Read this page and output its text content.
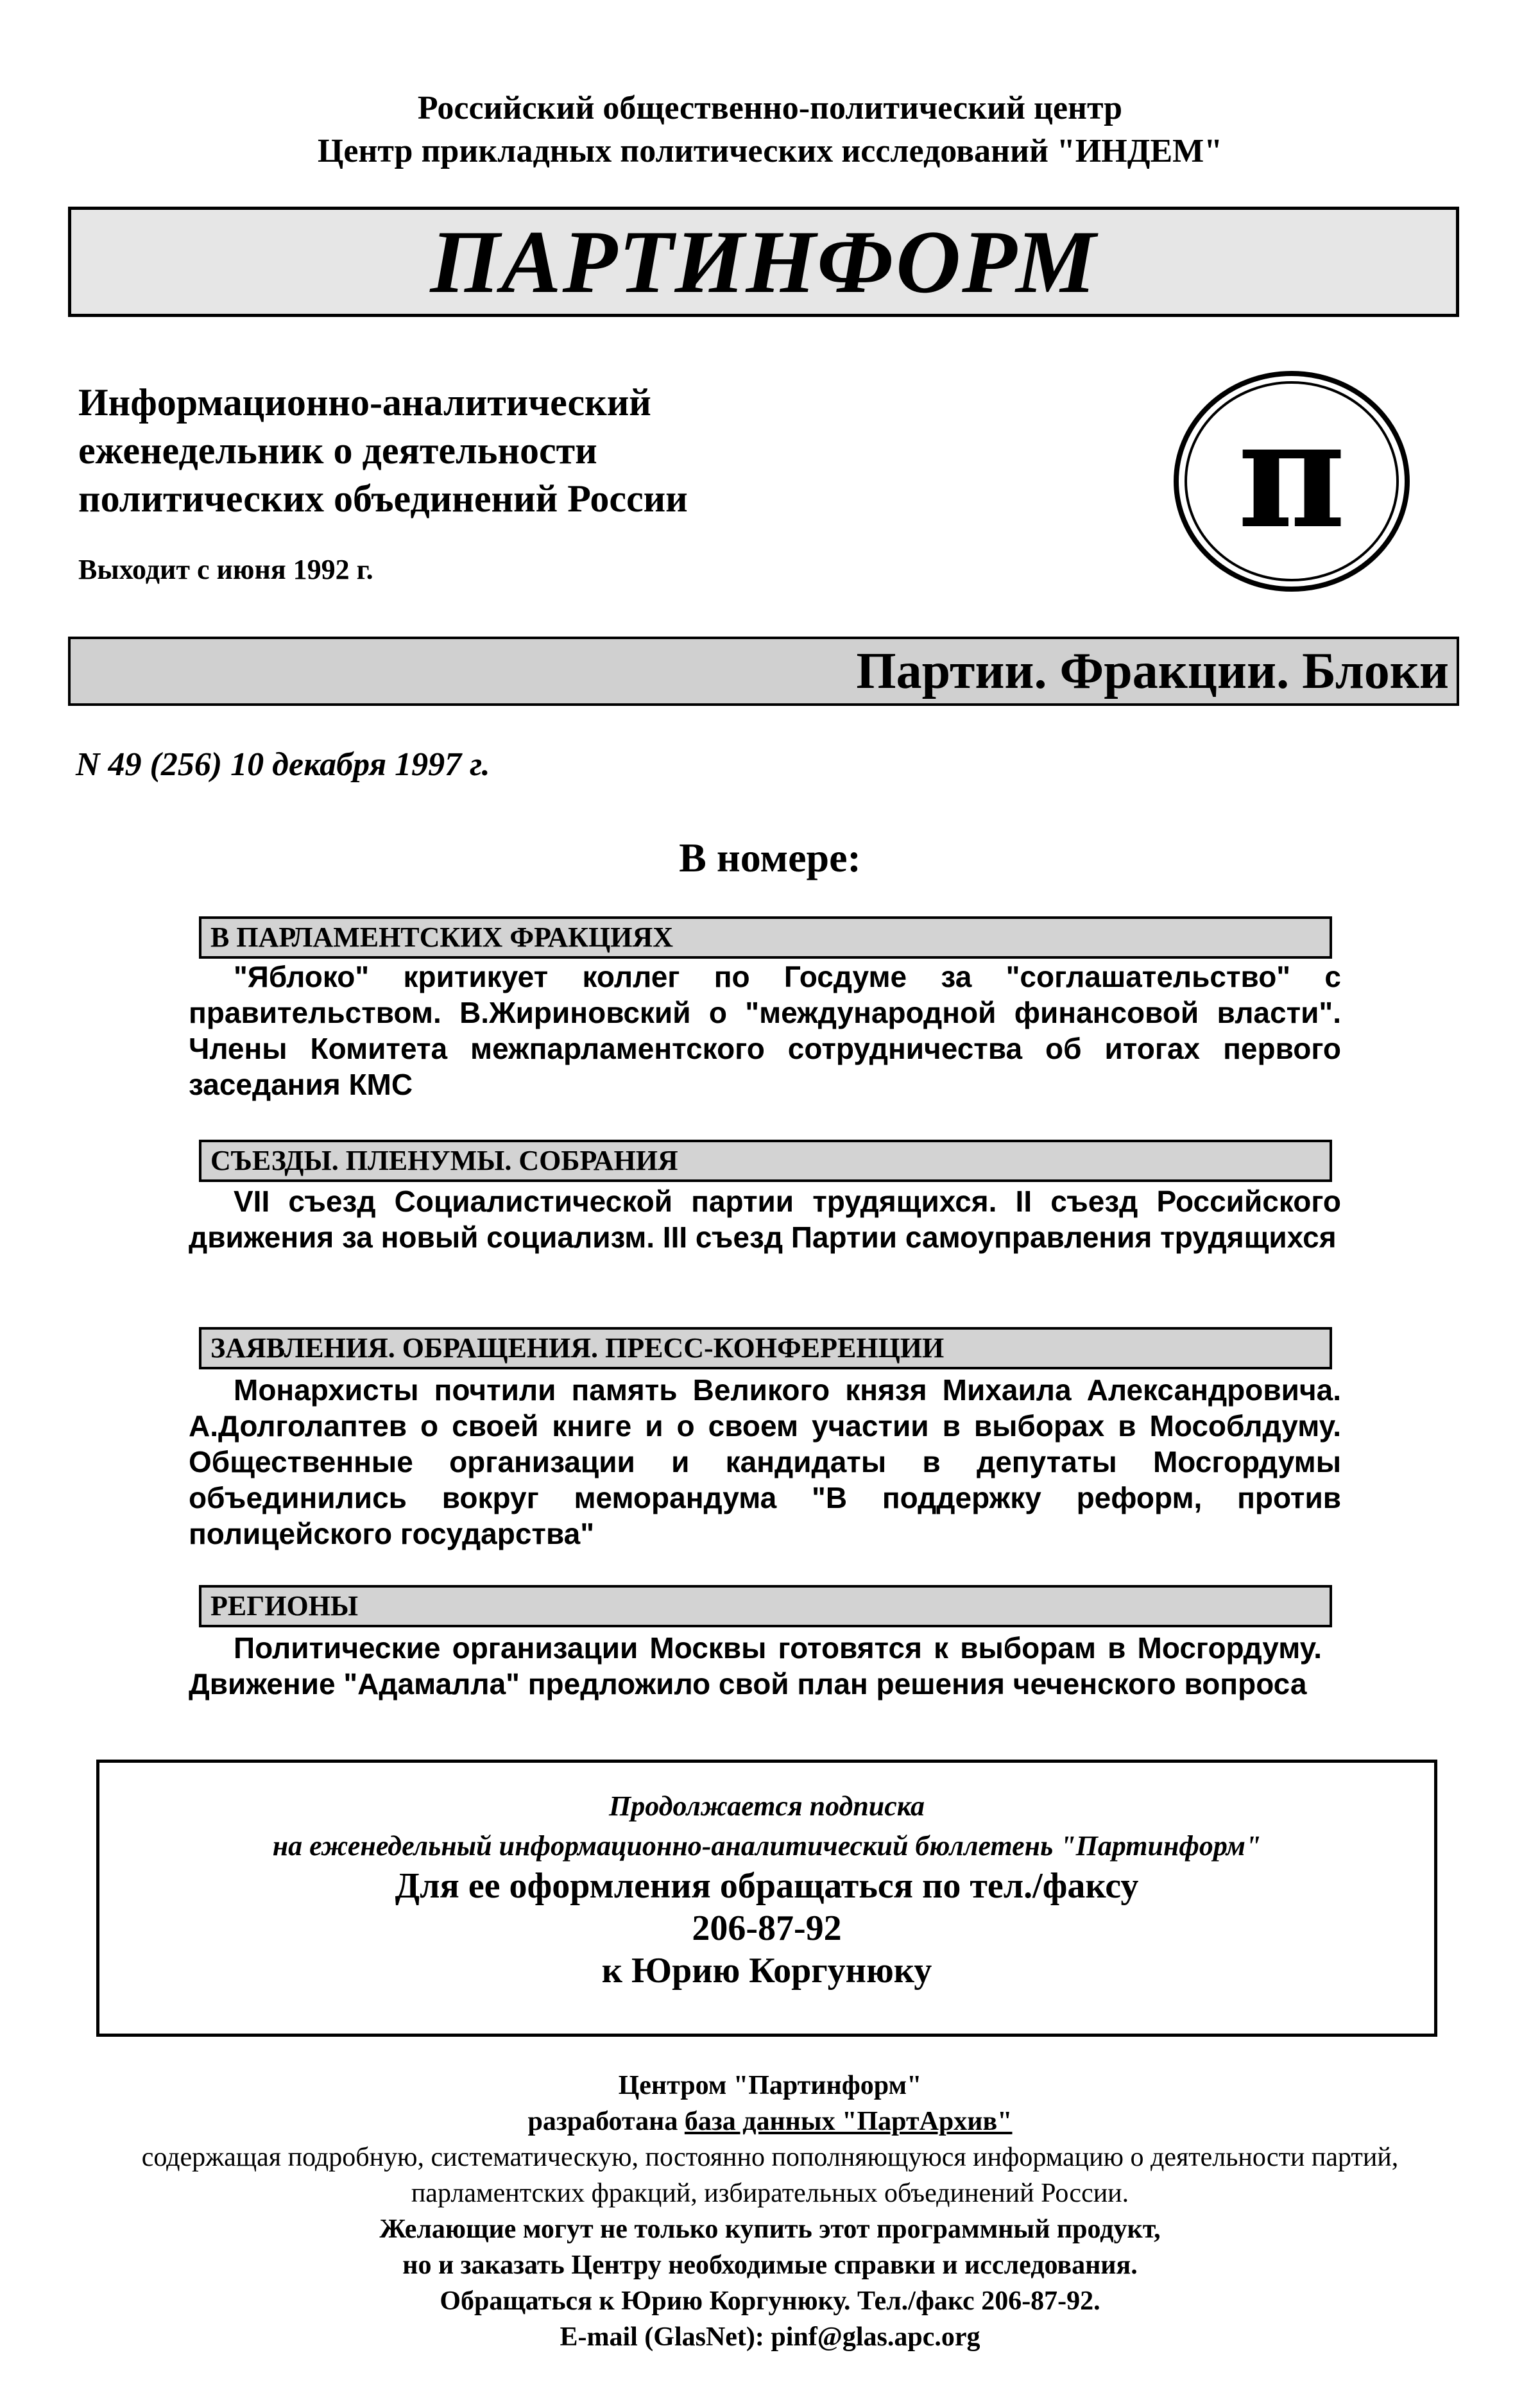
Российский общественно-политический центр
Центр прикладных политических исследований "ИНДЕМ"
ПАРТИНФОРМ
Информационно-аналитический
еженедельник о деятельности
политических объединений России
Выходит с июня 1992 г.
π
Партии. Фракции. Блоки
N 49 (256) 10 декабря 1997 г.
В номере:
В ПАРЛАМЕНТСКИХ ФРАКЦИЯХ
"Яблоко" критикует коллег по Госдуме за "соглашательство" с правительством. В.Жириновский о "международной финансовой власти". Члены Комитета межпарламентского сотрудничества об итогах первого заседания КМС
СЪЕЗДЫ. ПЛЕНУМЫ. СОБРАНИЯ
VII съезд Социалистической партии трудящихся. II съезд Российского движения за новый социализм. III съезд Партии самоуправления трудящихся
ЗАЯВЛЕНИЯ. ОБРАЩЕНИЯ. ПРЕСС-КОНФЕРЕНЦИИ
Монархисты почтили память Великого князя Михаила Александровича. А.Долголаптев о своей книге и о своем участии в выборах в Мособлдуму. Общественные организации и кандидаты в депутаты Мосгордумы объединились вокруг меморандума "В поддержку реформ, против полицейского государства"
РЕГИОНЫ
Политические организации Москвы готовятся к выборам в Мосгордуму. Движение "Адамалла" предложило свой план решения чеченского вопроса
Продолжается подписка
на еженедельный информационно-аналитический бюллетень "Партинформ"
Для ее оформления обращаться по тел./факсу
206-87-92
к Юрию Коргунюку
Центром "Партинформ"
разработана база данных "ПартАрхив"
содержащая подробную, систематическую, постоянно пополняющуюся информацию о деятельности партий,
парламентских фракций, избирательных объединений России.
Желающие могут не только купить этот программный продукт,
но и заказать Центру необходимые справки и исследования.
Обращаться к Юрию Коргунюку. Тел./факс 206-87-92.
E-mail (GlasNet): pinf@glas.apc.org
